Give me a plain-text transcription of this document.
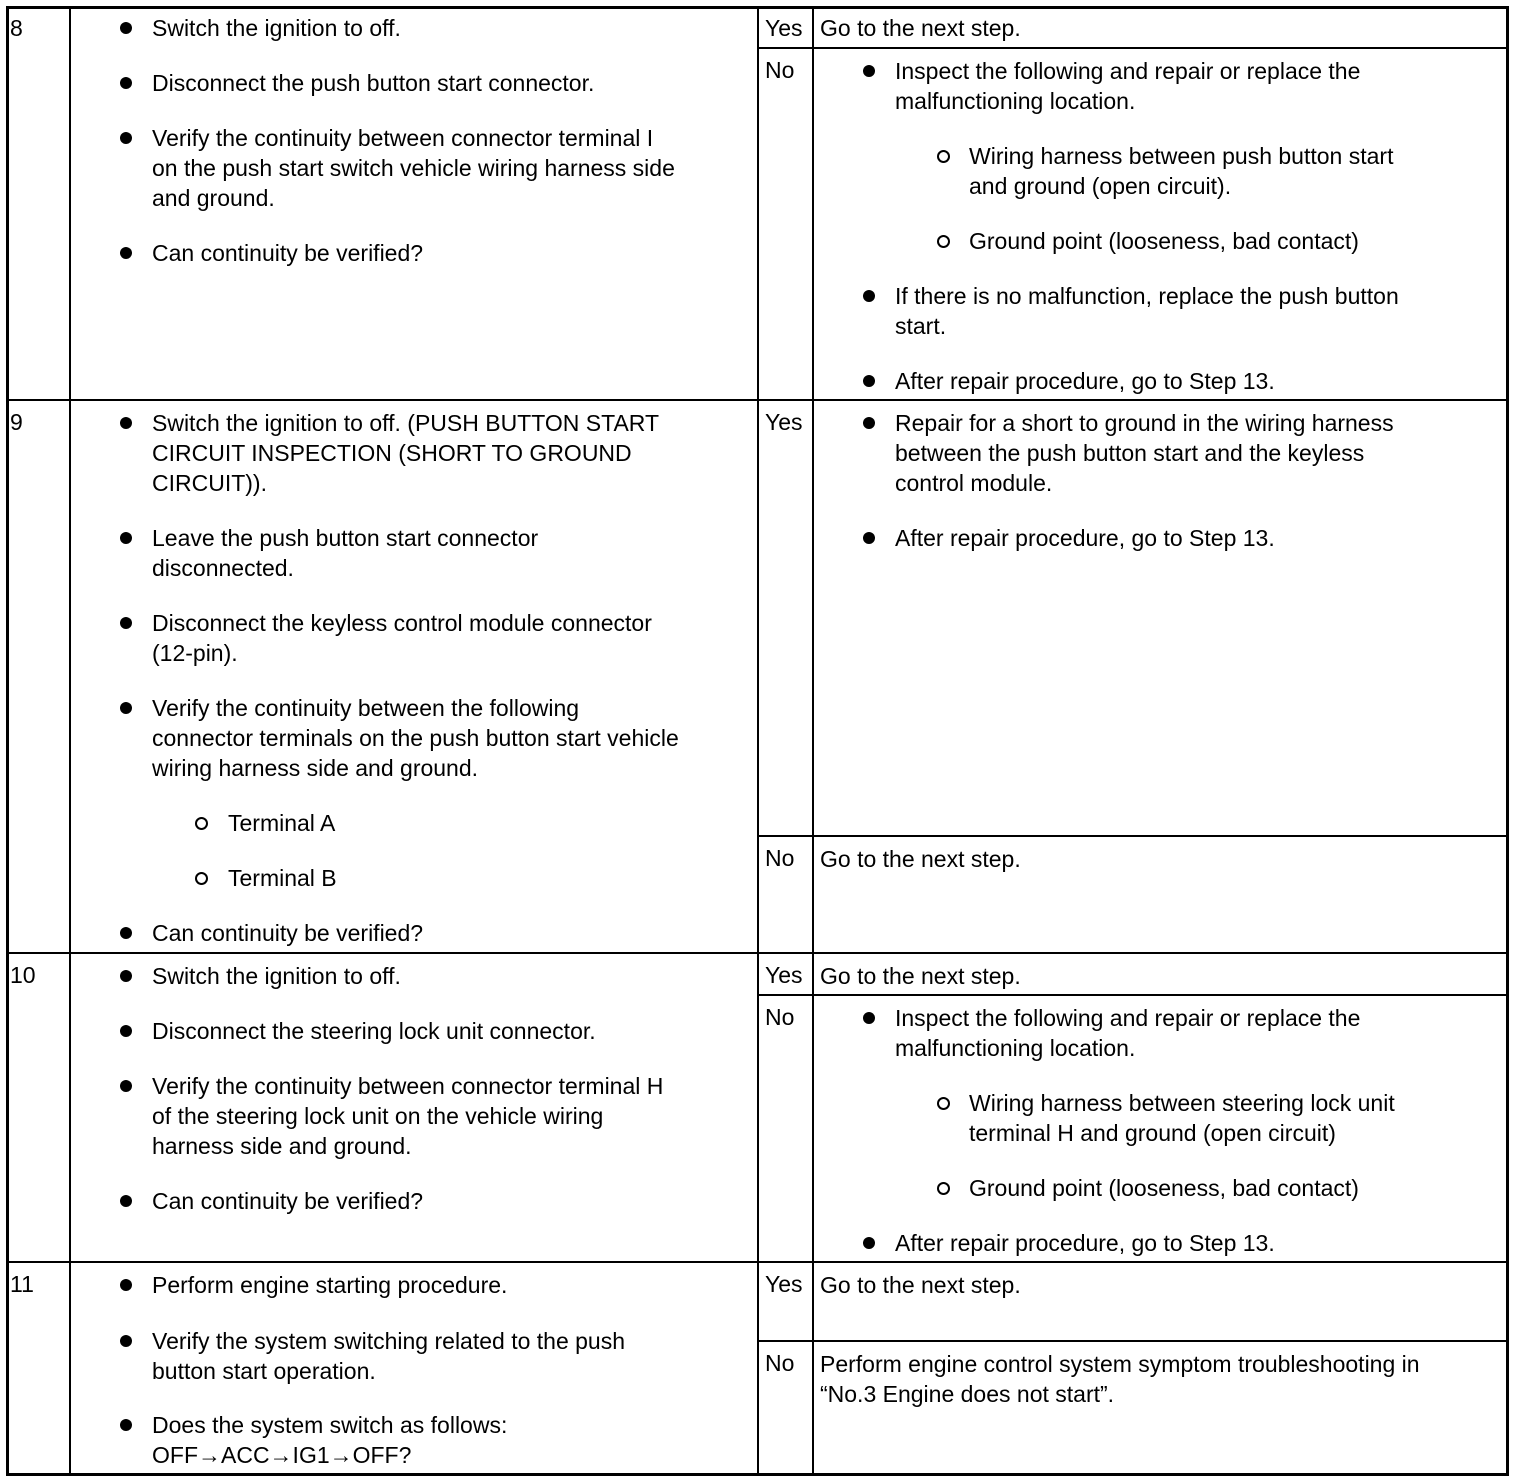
8	Switch the ignition to off.
Disconnect the push button start connector.
Verify the continuity between connector terminal I
on the push start switch vehicle wiring harness side
and ground.
Can continuity be verified?
Yes Go to the next step.
No	Inspect the following and repair or replace the
malfunctioning location.
Wiring harness between push button start
and ground (open circuit).
Ground point (looseness, bad contact)
If there is no malfunction, replace the push button
start.
After repair procedure, go to Step 13.
9	Switch the ignition to off. (PUSH BUTTON START
CIRCUIT INSPECTION (SHORT TO GROUND
CIRCUIT)).
Leave the push button start connector
disconnected.
Disconnect the keyless control module connector
(12-pin).
Verify the continuity between the following
connector terminals on the push button start vehicle
wiring harness side and ground.
Terminal A
Terminal B
Can continuity be verified?
Yes	Repair for a short to ground in the wiring harness
between the push button start and the keyless
control module.
After repair procedure, go to Step 13.
No Go to the next step.
10	Switch the ignition to off.
Disconnect the steering lock unit connector.
Verify the continuity between connector terminal H
of the steering lock unit on the vehicle wiring
harness side and ground.
Can continuity be verified?
Yes Go to the next step.
No	Inspect the following and repair or replace the
malfunctioning location.
Wiring harness between steering lock unit
terminal H and ground (open circuit)
Ground point (looseness, bad contact)
After repair procedure, go to Step 13.
11	Perform engine starting procedure.
Verify the system switching related to the push
button start operation.
Does the system switch as follows:
OFF→ACC→IG1→OFF?
Yes Go to the next step.
No Perform engine control system symptom troubleshooting in
“No.3 Engine does not start”.
